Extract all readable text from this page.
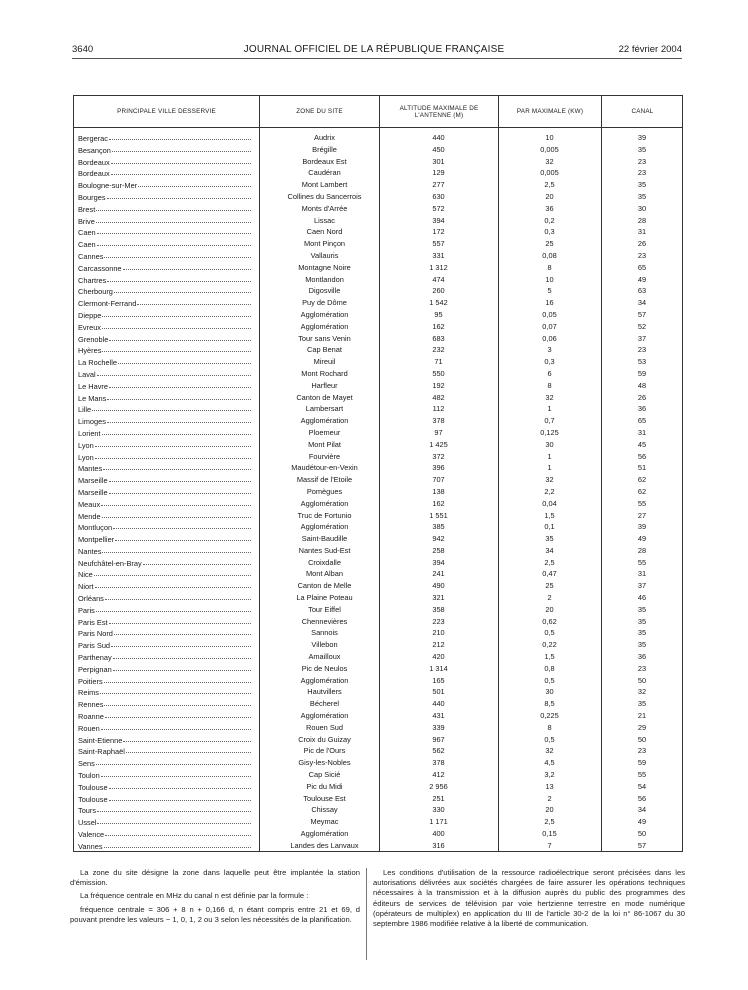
3640	JOURNAL OFFICIEL DE LA RÉPUBLIQUE FRANÇAISE	22 février 2004
PRINCIPALE VILLE DESSERVIE	ZONE DU SITE	ALTITUDE MAXIMALE DE L'ANTENNE (M)	PAR MAXIMALE (KW)	CANAL
Bergerac	Audrix	440	10	39
Besançon	Brégille	450	0,005	35
Bordeaux	Bordeaux Est	301	32	23
Bordeaux	Caudéran	129	0,005	23
Boulogne-sur-Mer	Mont Lambert	277	2,5	35
Bourges	Collines du Sancerrois	630	20	35
Brest	Monts d'Arrée	572	36	30
Brive	Lissac	394	0,2	28
Caen	Caen Nord	172	0,3	31
Caen	Mont Pinçon	557	25	26
Cannes	Vallauris	331	0,08	23
Carcassonne	Montagne Noire	1 312	8	65
Chartres	Montlandon	474	10	49
Cherbourg	Digosville	260	5	63
Clermont-Ferrand	Puy de Dôme	1 542	16	34
Dieppe	Agglomération	95	0,05	57
Evreux	Agglomération	162	0,07	52
Grenoble	Tour sans Venin	683	0,06	37
Hyères	Cap Benat	232	3	23
La Rochelle	Mireuil	71	0,3	53
Laval	Mont Rochard	550	6	59
Le Havre	Harfleur	192	8	48
Le Mans	Canton de Mayet	482	32	26
Lille	Lambersart	112	1	36
Limoges	Agglomération	378	0,7	65
Lorient	Ploemeur	97	0,125	31
Lyon	Mont Pilat	1 425	30	45
Lyon	Fourvière	372	1	56
Mantes	Maudétour-en-Vexin	396	1	51
Marseille	Massif de l'Etoile	707	32	62
Marseille	Pomègues	138	2,2	62
Meaux	Agglomération	162	0,04	55
Mende	Truc de Fortunio	1 551	1,5	27
Montluçon	Agglomération	385	0,1	39
Montpellier	Saint-Baudille	942	35	49
Nantes	Nantes Sud-Est	258	34	28
Neufchâtel-en-Bray	Croixdalle	394	2,5	55
Nice	Mont Alban	241	0,47	31
Niort	Canton de Melle	490	25	37
Orléans	La Plaine Poteau	321	2	46
Paris	Tour Eiffel	358	20	35
Paris Est	Chennevières	223	0,62	35
Paris Nord	Sannois	210	0,5	35
Paris Sud	Villebon	212	0,22	35
Parthenay	Amailloux	420	1,5	36
Perpignan	Pic de Neulos	1 314	0,8	23
Poitiers	Agglomération	165	0,5	50
Reims	Hautvillers	501	30	32
Rennes	Bécherel	440	8,5	35
Roanne	Agglomération	431	0,225	21
Rouen	Rouen Sud	339	8	29
Saint-Etienne	Croix du Guizay	967	0,5	50
Saint-Raphaël	Pic de l'Ours	562	32	23
Sens	Gisy-les-Nobles	378	4,5	59
Toulon	Cap Sicié	412	3,2	55
Toulouse	Pic du Midi	2 956	13	54
Toulouse	Toulouse Est	251	2	56
Tours	Chissay	330	20	34
Ussel	Meymac	1 171	2,5	49
Valence	Agglomération	400	0,15	50
Vannes	Landes des Lanvaux	316	7	57

La zone du site désigne la zone dans laquelle peut être implantée la station d'émission.

La fréquence centrale en MHz du canal n est définie par la formule :

fréquence centrale = 306 + 8 n + 0,166 d, n étant compris entre 21 et 69, d pouvant prendre les valeurs − 1, 0, 1, 2 ou 3 selon les nécessités de la planification.

Les conditions d'utilisation de la ressource radioélectrique seront précisées dans les autorisations délivrées aux sociétés chargées de faire assurer les opérations techniques nécessaires à la transmission et à la diffusion auprès du public des programmes des éditeurs de services de télévision par voie hertzienne terrestre en mode numérique (opérateurs de multiplex) en application du III de l'article 30-2 de la loi n° 86-1067 du 30 septembre 1986 modifiée relative à la liberté de communication.
